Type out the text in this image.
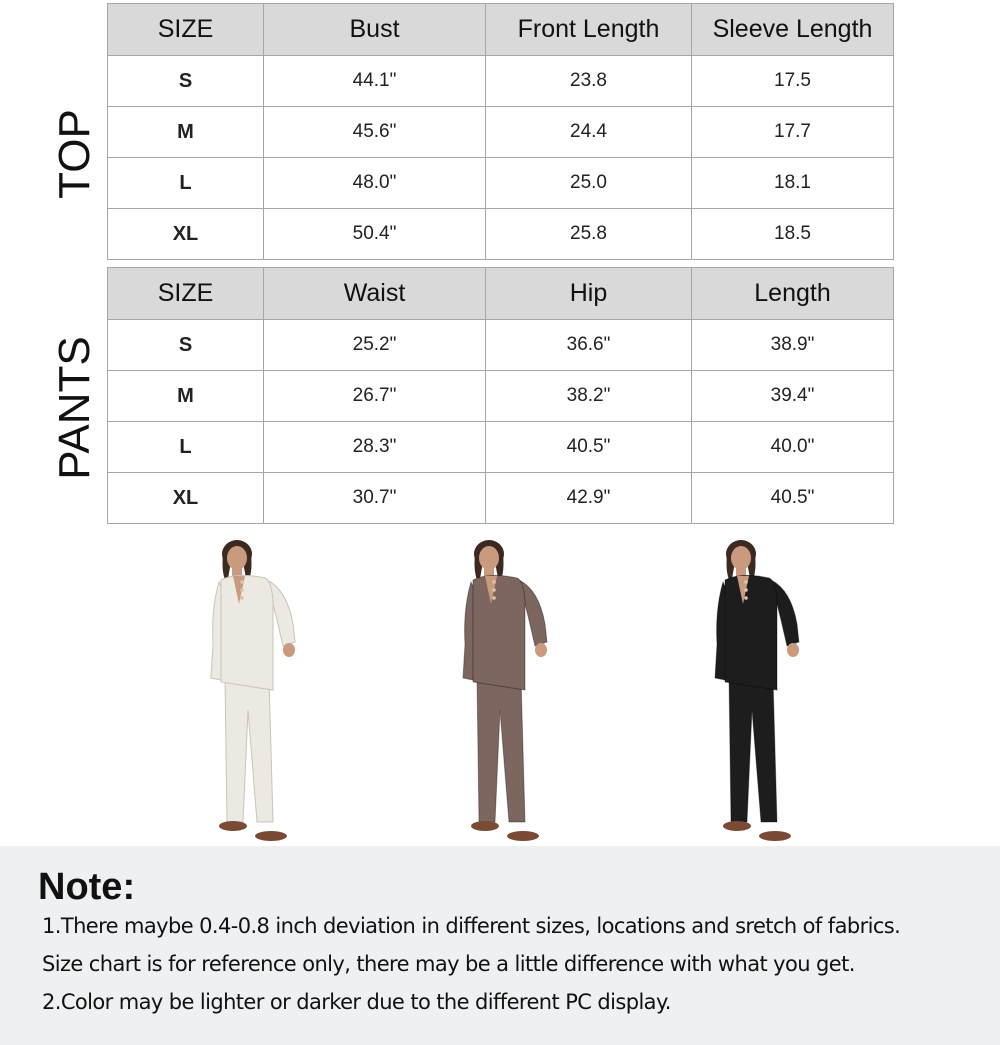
TOP
PANTS
SIZE	Bust	Front Length	Sleeve Length
S	44.1"	23.8	17.5
M	45.6"	24.4	17.7
L	48.0"	25.0	18.1
XL	50.4"	25.8	18.5
SIZE	Waist	Hip	Length
S	25.2"	36.6"	38.9"
M	26.7"	38.2"	39.4"
L	28.3"	40.5"	40.0"
XL	30.7"	42.9"	40.5"
Note:
1.There maybe 0.4-0.8 inch deviation in different sizes, locations and sretch of fabrics.
Size chart is for reference only, there may be a little difference with what you get.
2.Color may be lighter or darker due to the different PC display.
